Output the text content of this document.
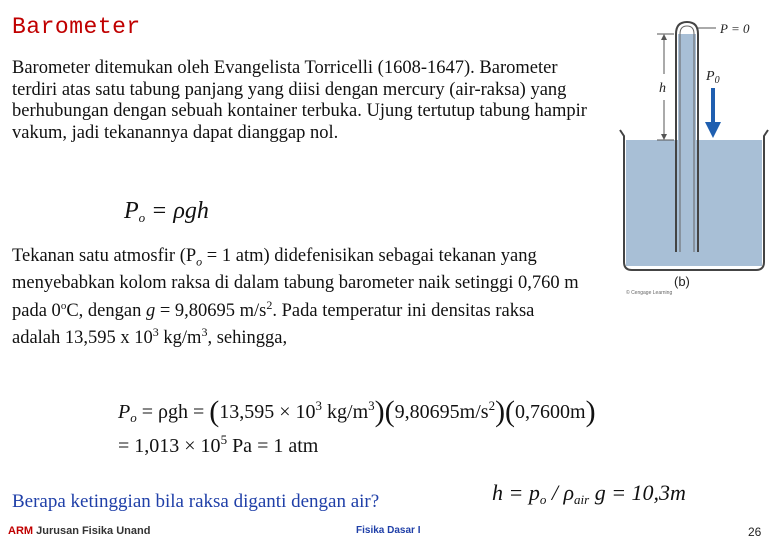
Barometer

Barometer ditemukan oleh Evangelista Torricelli (1608-1647). Barometer terdiri atas satu tabung panjang yang diisi dengan mercury (air-raksa) yang berhubungan dengan sebuah kontainer terbuka. Ujung tertutup tabung hampir vakum, jadi tekanannya dapat dianggap nol.

$P_o = \rho gh$

Tekanan satu atmosfir ($P_o = 1$ atm) didefenisikan sebagai tekanan yang menyebabkan kolom raksa di dalam tabung barometer naik setinggi 0,760 m pada 0$^o$C, dengan g = 9,80695 $m/s^2$. Pada temperatur ini densitas raksa adalah 13,595 x $10^3$ $kg/m^3$, sehingga,

$P_o = \rho gh = (13,595 \times 10^3$ $kg/m^3)(9,80695m/s^2)(0,7600m)$
= $1,013 \times 10^5$ Pa = 1 atm
Berapa ketinggian bila raksa diganti dengan air?	$h = p_o / \rho_{air}$ g = 10,3m
h
P = 0
$P_0$
(b)
© Cengage Learning
ARM Jurusan Fisika Unand	Fisika Dasar I	26
